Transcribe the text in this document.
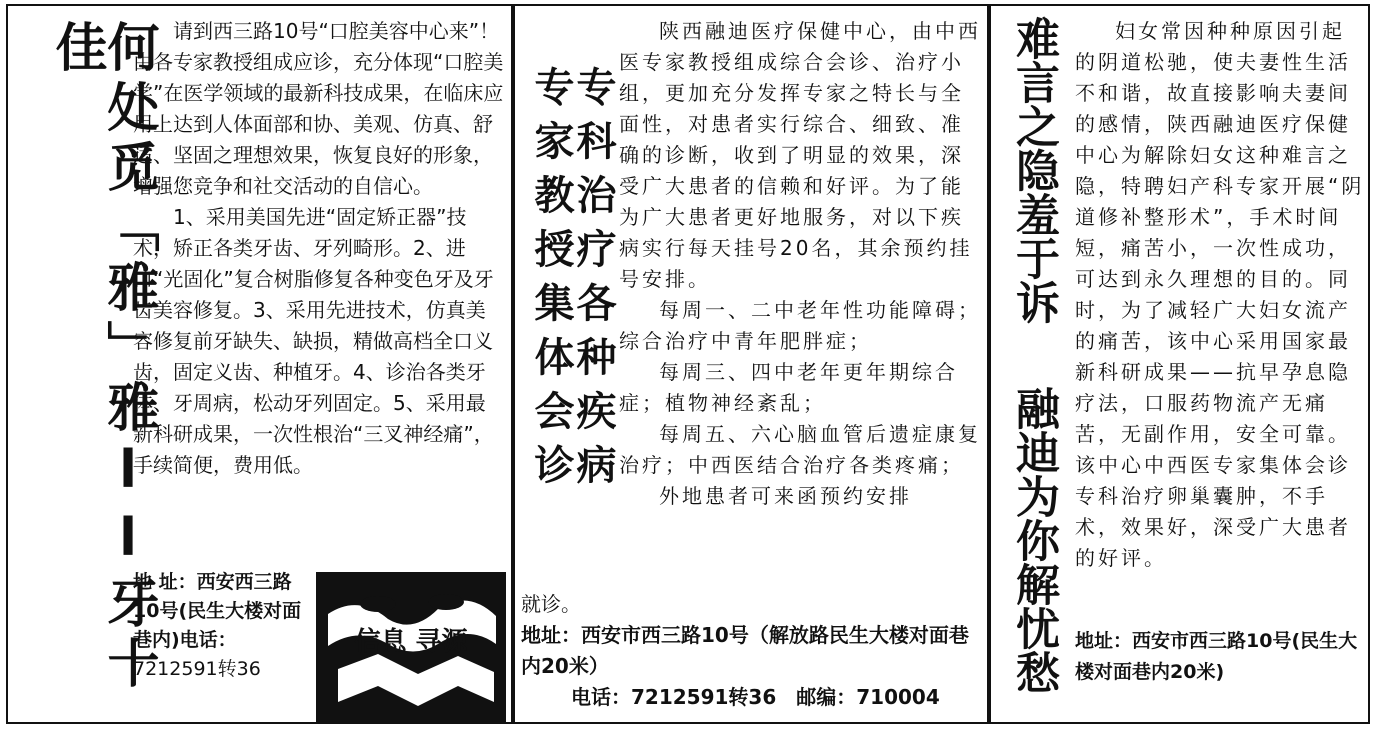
何处觅「雅」雅ll牙十佳	请到西三路10号“口腔美容中心来”！由各专家教授组成应诊，充分体现“口腔美学”在医学领域的最新科技成果，在临床应用上达到人体面部和协、美观、仿真、舒适、坚固之理想效果，恢复良好的形象，增强您竞争和社交活动的自信心。

1、采用美国先进“固定矫正器”技术，矫正各类牙齿、牙列畸形。2、进口“光固化”复合树脂修复各种变色牙及牙齿美容修复。3、采用先进技术，仿真美容修复前牙缺失、缺损，精做高档全口义齿，固定义齿、种植牙。4、诊治各类牙体、牙周病，松动牙列固定。5、采用最新科研成果，一次性根治“三叉神经痛”，手续简便，费用低。

地 址：西安西三路10号(民生大楼对面巷内)电话：
7212591转36
信息 寻源
专家教授集体会诊
专科治疗各种疾病

陕西融迪医疗保健中心，由中西医专家教授组成综合会诊、治疗小组，更加充分发挥专家之特长与全面性，对患者实行综合、细致、准确的诊断，收到了明显的效果，深受广大患者的信赖和好评。为了能为广大患者更好地服务，对以下疾病实行每天挂号20名，其余预约挂号安排。

每周一、二中老年性功能障碍；综合治疗中青年肥胖症；

每周三、四中老年更年期综合症；植物神经紊乱；

每周五、六心脑血管后遗症康复治疗；中西医结合治疗各类疼痛；

外地患者可来函预约安排

就诊。
地址：西安市西三路10号（解放路民生大楼对面巷内20米）
电话：7212591转36　邮编：710004
难言之隐羞于诉
融迪为你解忧愁

妇女常因种种原因引起的阴道松驰，使夫妻性生活不和谐，故直接影响夫妻间的感情，陕西融迪医疗保健中心为解除妇女这种难言之隐，特聘妇产科专家开展“阴道修补整形术”，手术时间短，痛苦小，一次性成功，可达到永久理想的目的。同时，为了减轻广大妇女流产的痛苦，该中心采用国家最新科研成果——抗早孕息隐疗法，口服药物流产无痛苦，无副作用，安全可靠。该中心中西医专家集体会诊专科治疗卵巢囊肿，不手术，效果好，深受广大患者的好评。

地址：西安市西三路10号(民生大楼对面巷内20米)
